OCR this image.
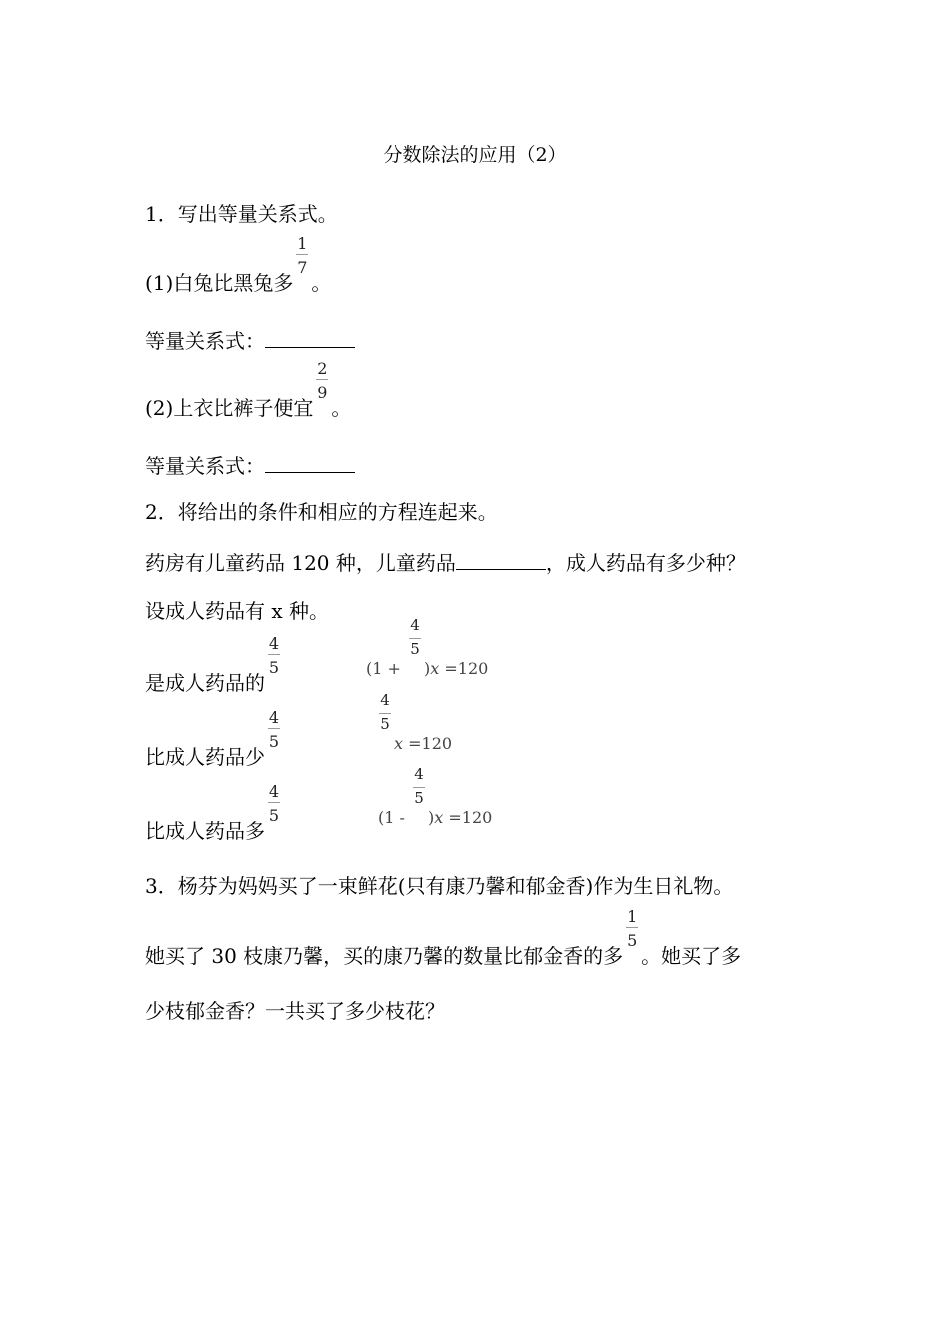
分数除法的应用（2）
1．写出等量关系式。
(1)白兔比黑兔多 $\frac{1}{7}$ 。
等量关系式：
(2)上衣比裤子便宜 $\frac{2}{9}$ 。
等量关系式：
2．将给出的条件和相应的方程连起来。
药房有儿童药品 120 种，儿童药品	，成人药品有多少种？
设成人药品有 x 种。
是成人药品的 $\frac{4}{5}$
比成人药品少 $\frac{4}{5}$
比成人药品多 $\frac{4}{5}$
$(1 + \frac{4}{5} )x =120$
$\frac{4}{5}$ x =120
$(1 - \frac{4}{5} )x =120$
3．杨芬为妈妈买了一束鲜花(只有康乃馨和郁金香)作为生日礼物。
她买了 30 枝康乃馨，买的康乃馨的数量比郁金香的多 $\frac{1}{5}$ 。她买了多
少枝郁金香？一共买了多少枝花？
